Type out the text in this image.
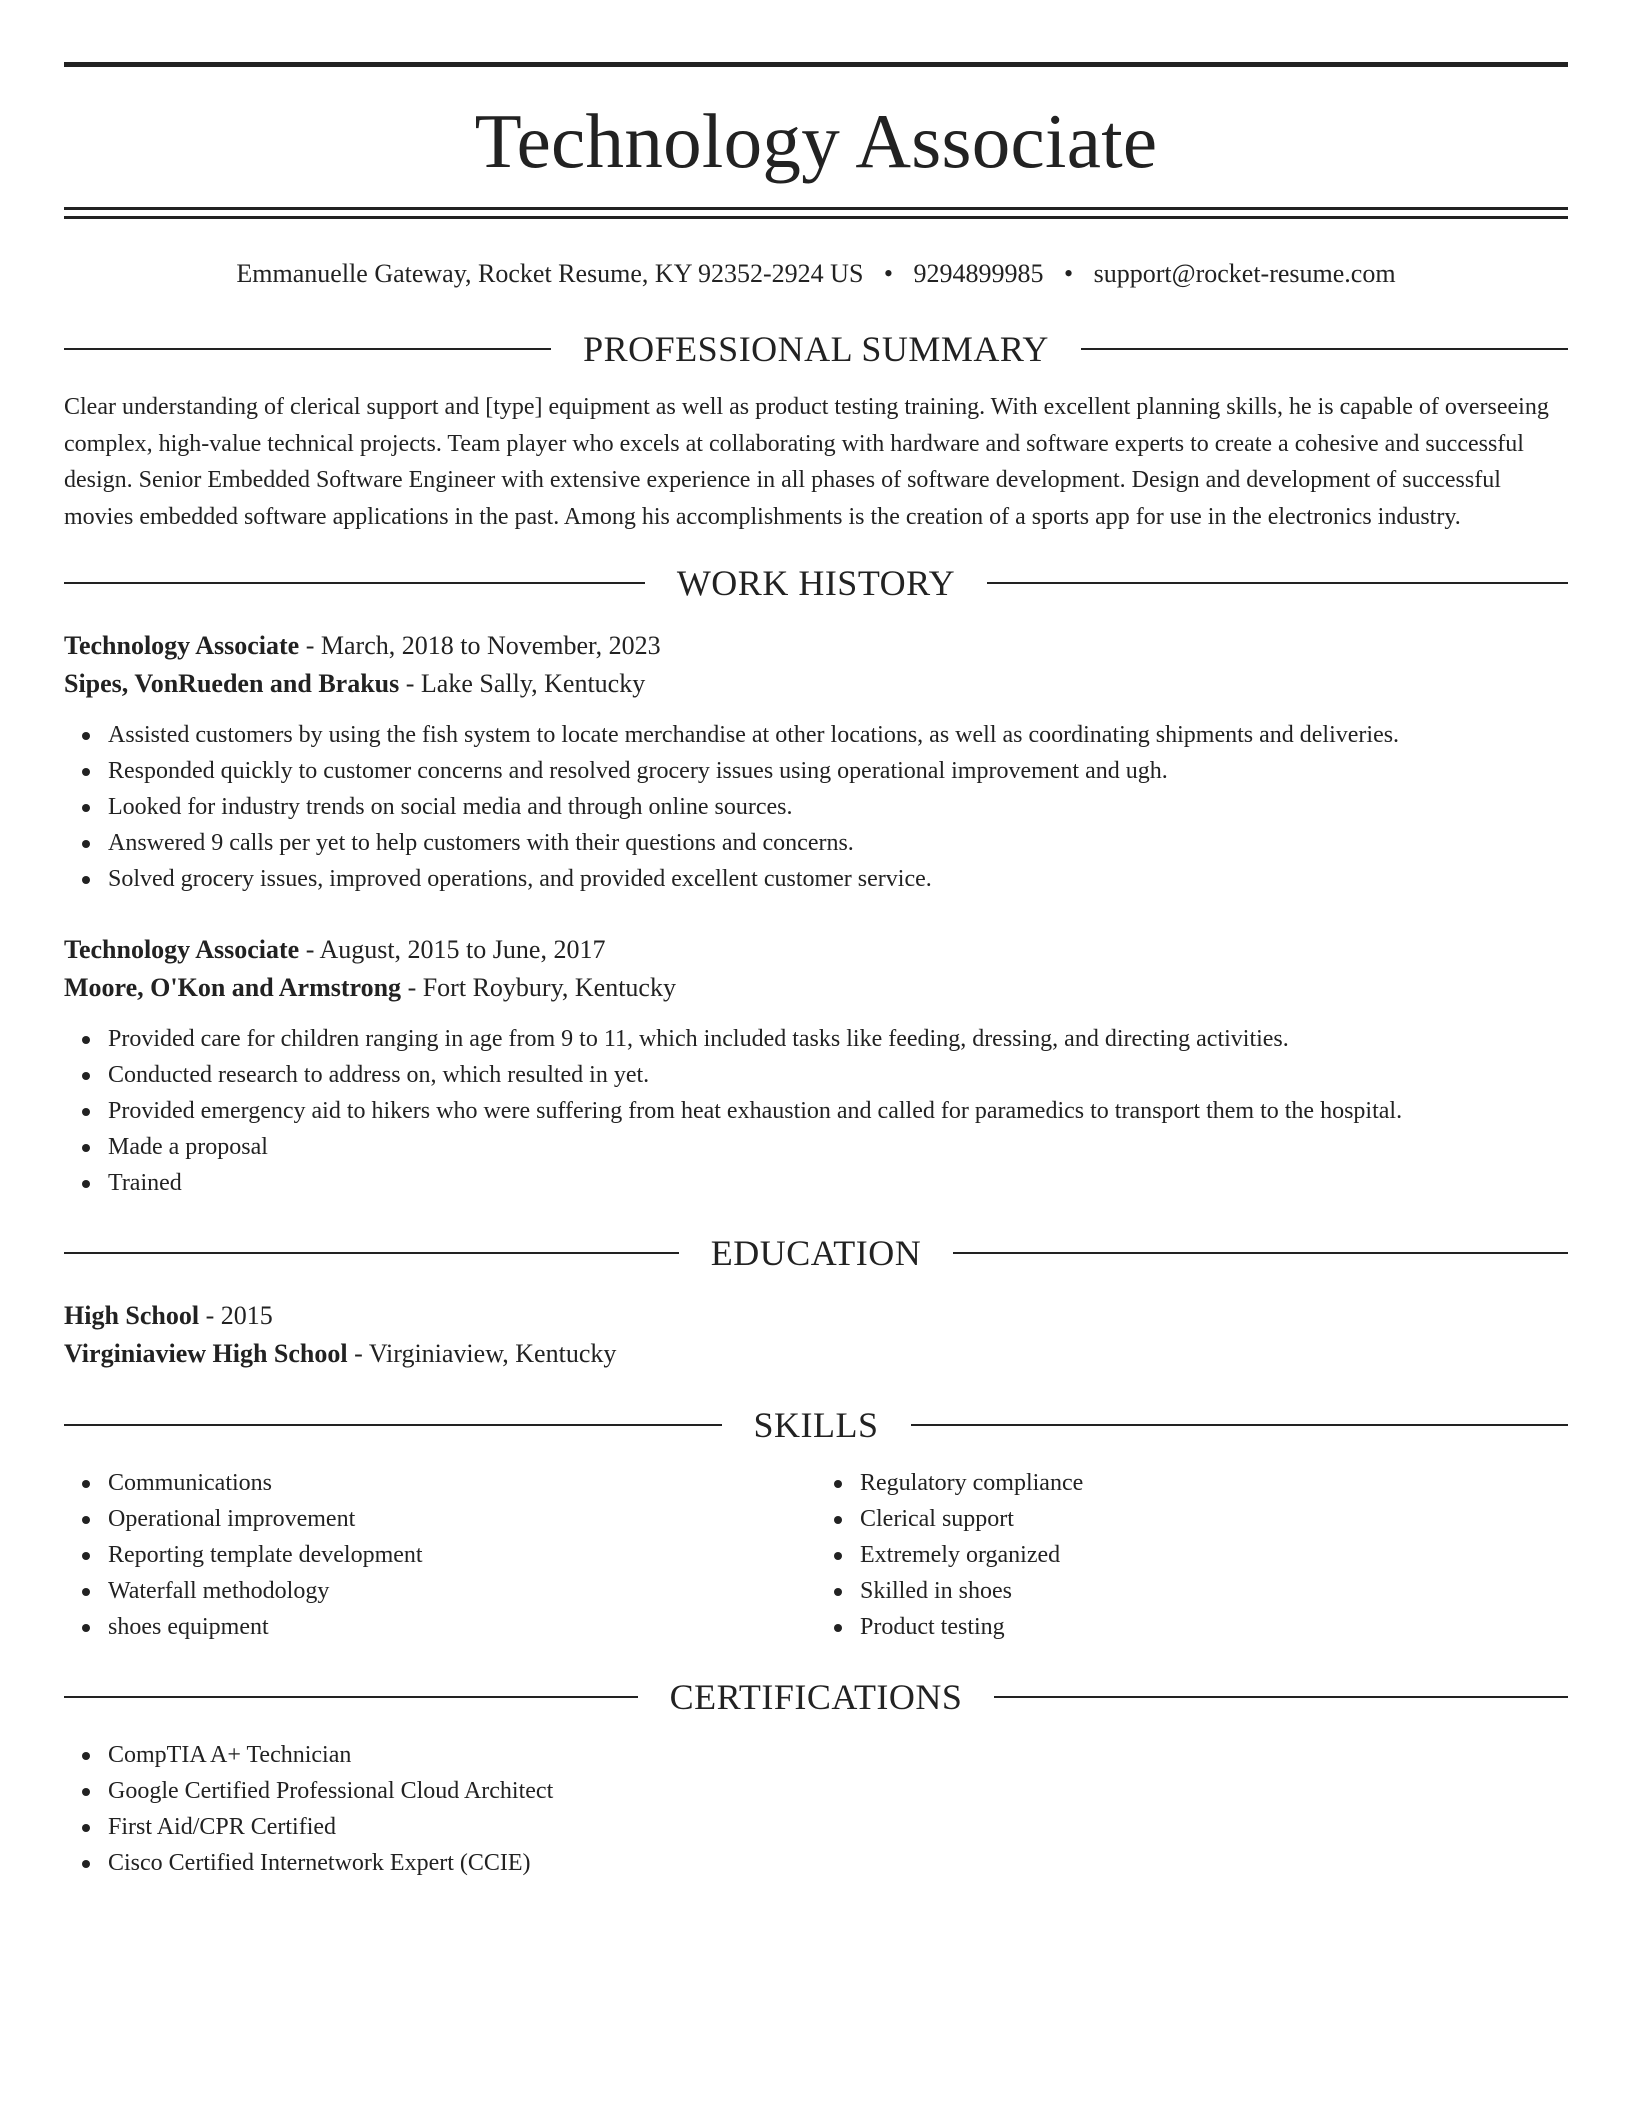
Technology Associate
Emmanuelle Gateway, Rocket Resume, KY 92352-2924 US • 9294899985 • support@rocket-resume.com
PROFESSIONAL SUMMARY

Clear understanding of clerical support and [type] equipment as well as product testing training. With excellent planning skills, he is capable of overseeing complex, high-value technical projects. Team player who excels at collaborating with hardware and software experts to create a cohesive and successful design. Senior Embedded Software Engineer with extensive experience in all phases of software development. Design and development of successful movies embedded software applications in the past. Among his accomplishments is the creation of a sports app for use in the electronics industry.

WORK HISTORY
Technology Associate - March, 2018 to November, 2023
Sipes, VonRueden and Brakus - Lake Sally, Kentucky
Assisted customers by using the fish system to locate merchandise at other locations, as well as coordinating shipments and deliveries.
Responded quickly to customer concerns and resolved grocery issues using operational improvement and ugh.
Looked for industry trends on social media and through online sources.
Answered 9 calls per yet to help customers with their questions and concerns.
Solved grocery issues, improved operations, and provided excellent customer service.
Technology Associate - August, 2015 to June, 2017
Moore, O'Kon and Armstrong - Fort Roybury, Kentucky
Provided care for children ranging in age from 9 to 11, which included tasks like feeding, dressing, and directing activities.
Conducted research to address on, which resulted in yet.
Provided emergency aid to hikers who were suffering from heat exhaustion and called for paramedics to transport them to the hospital.
Made a proposal
Trained
EDUCATION
High School - 2015
Virginiaview High School - Virginiaview, Kentucky
SKILLS
Communications
Operational improvement
Reporting template development
Waterfall methodology
shoes equipment
Regulatory compliance
Clerical support
Extremely organized
Skilled in shoes
Product testing
CERTIFICATIONS
CompTIA A+ Technician
Google Certified Professional Cloud Architect
First Aid/CPR Certified
Cisco Certified Internetwork Expert (CCIE)
